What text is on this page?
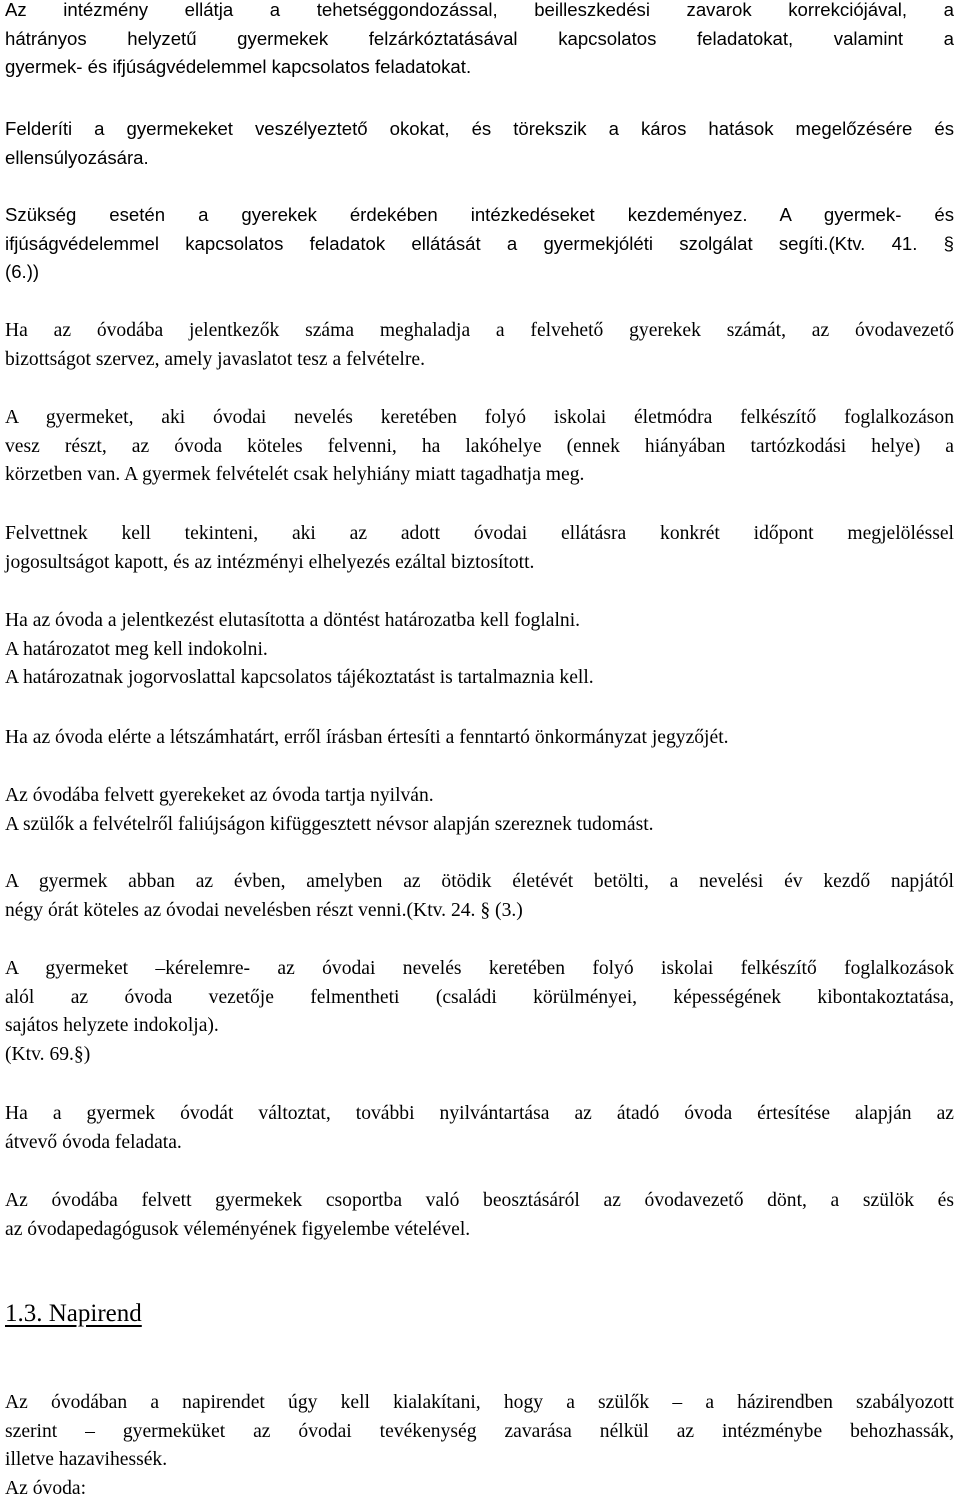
Az intézmény ellátja a tehetséggondozással, beilleszkedési zavarok korrekciójával, a
hátrányos helyzetű gyermekek felzárkóztatásával kapcsolatos feladatokat, valamint a
gyermek- és ifjúságvédelemmel kapcsolatos feladatokat.

Felderíti a gyermekeket veszélyeztető okokat, és törekszik a káros hatások megelőzésére és
ellensúlyozására.

Szükség esetén a gyerekek érdekében intézkedéseket kezdeményez. A gyermek- és
ifjúságvédelemmel kapcsolatos feladatok ellátását a gyermekjóléti szolgálat segíti.(Ktv. 41. §
(6.))

Ha az óvodába jelentkezők száma meghaladja a felvehető gyerekek számát, az óvodavezető
bizottságot szervez, amely javaslatot tesz a felvételre.

A gyermeket, aki óvodai nevelés keretében folyó iskolai életmódra felkészítő foglalkozáson
vesz részt, az óvoda köteles felvenni, ha lakóhelye (ennek hiányában tartózkodási helye) a
körzetben van. A gyermek felvételét csak helyhiány miatt tagadhatja meg.

Felvettnek kell tekinteni, aki az adott óvodai ellátásra konkrét időpont megjelöléssel
jogosultságot kapott, és az intézményi elhelyezés ezáltal biztosított.

Ha az óvoda a jelentkezést elutasította a döntést határozatba kell foglalni.
A határozatot meg kell indokolni.
A határozatnak jogorvoslattal kapcsolatos tájékoztatást is tartalmaznia kell.

Ha az óvoda elérte a létszámhatárt, erről írásban értesíti a fenntartó önkormányzat jegyzőjét.

Az óvodába felvett gyerekeket az óvoda tartja nyilván.
A szülők a felvételről faliújságon kifüggesztett névsor alapján szereznek tudomást.

A gyermek abban az évben, amelyben az ötödik életévét betölti, a nevelési év kezdő napjától
négy órát köteles az óvodai nevelésben részt venni.(Ktv. 24. § (3.)

A gyermeket –kérelemre- az óvodai nevelés keretében folyó iskolai felkészítő foglalkozások
alól az óvoda vezetője felmentheti (családi körülményei, képességének kibontakoztatása,
sajátos helyzete indokolja).
(Ktv. 69.§)

Ha a gyermek óvodát változtat, további nyilvántartása az átadó óvoda értesítése alapján az
átvevő óvoda feladata.

Az óvodába felvett gyermekek csoportba való beosztásáról az óvodavezető dönt, a szülök és
az óvodapedagógusok véleményének figyelembe vételével.

1.3. Napirend

Az óvodában a napirendet úgy kell kialakítani, hogy a szülők – a házirendben szabályozott
szerint – gyermeküket az óvodai tevékenység zavarása nélkül az intézménybe behozhassák,
illetve hazavihessék.
Az óvoda:
